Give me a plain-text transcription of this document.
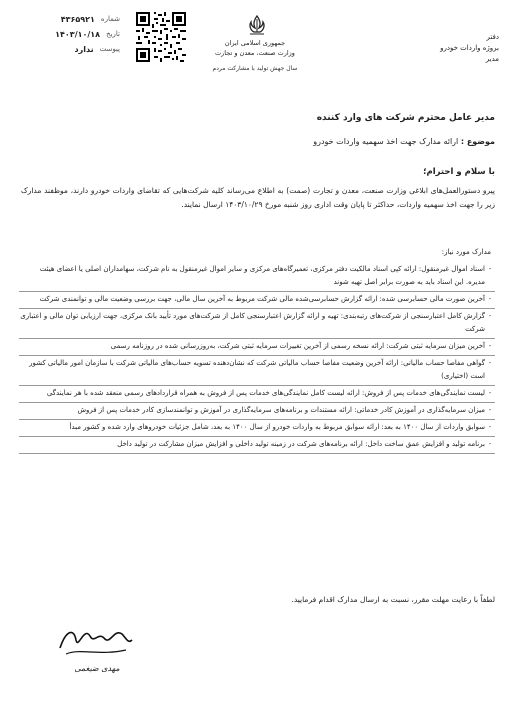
شماره
۴۳۶۵۹۲۱
تاریخ
۱۴۰۳/۱۰/۱۸
پیوست
ندارد
جمهوری اسلامی ایران
وزارت صنعت، معدن و تجارت
سال جهش تولید با مشارکت مردم
دفتر
بروژه واردات خودرو
مدیر
مدیر عامل محترم شرکت های وارد کننده
موضوع : ارائه مدارک جهت اخذ سهمیه واردات خودرو
با سلام و احترام؛
پیرو دستورالعمل‌های ابلاغی وزارت صنعت، معدن و تجارت (صمت) به اطلاع می‌رساند کلیه شرکت‌هایی که تقاضای واردات خودرو دارند، موظفند مدارک زیر را جهت اخذ سهمیه واردات، حداکثر تا پایان وقت اداری روز شنبه مورخ ۱۴۰۳/۱۰/۲۹ ارسال نمایند.
مدارک مورد نیاز:
-
اسناد اموال غیرمنقول: ارائه کپی اسناد مالکیت دفتر مرکزی، تعمیرگاه‌های مرکزی و سایر اموال غیرمنقول به نام شرکت، سهامداران اصلی یا اعضای هیئت مدیره. این اسناد باید به صورت برابر اصل تهیه شوند
-
آخرین صورت مالی حسابرسی شده: ارائه گزارش حسابرسی‌شده مالی شرکت مربوط به آخرین سال مالی، جهت بررسی وضعیت مالی و توانمندی شرکت
-
گزارش کامل اعتبارسنجی از شرکت‌های رتبه‌بندی: تهیه و ارائه گزارش اعتبارسنجی کامل از شرکت‌های مورد تأیید بانک مرکزی، جهت ارزیابی توان مالی و اعتباری شرکت
-
آخرین میزان سرمایه ثبتی شرکت: ارائه نسخه رسمی از آخرین تغییرات سرمایه ثبتی شرکت، به‌روزرسانی شده در روزنامه رسمی
-
گواهی مفاصا حساب مالیاتی: ارائه آخرین وضعیت مفاصا حساب مالیاتی شرکت که نشان‌دهنده تسویه حساب‌های مالیاتی شرکت با سازمان امور مالیاتی کشور است (اختیاری)
-
لیست نمایندگی‌های خدمات پس از فروش: ارائه لیست کامل نمایندگی‌های خدمات پس از فروش به همراه قراردادهای رسمی منعقد شده با هر نمایندگی
-
میزان سرمایه‌گذاری در آموزش کادر خدماتی: ارائه مستندات و برنامه‌های سرمایه‌گذاری در آموزش و توانمندسازی کادر خدمات پس از فروش
-
سوابق واردات از سال ۱۴۰۰ به بعد: ارائه سوابق مربوط به واردات خودرو از سال ۱۴۰۰ به بعد، شامل جزئیات خودروهای وارد شده و کشور مبدأ
-
برنامه تولید و افزایش عمق ساخت داخل: ارائه برنامه‌های شرکت در زمینه تولید داخلی و افزایش میزان مشارکت در تولید داخل
لطفاً با رعایت مهلت مقرر، نسبت به ارسال مدارک اقدام فرمایید.
مهدی ضیغمی
